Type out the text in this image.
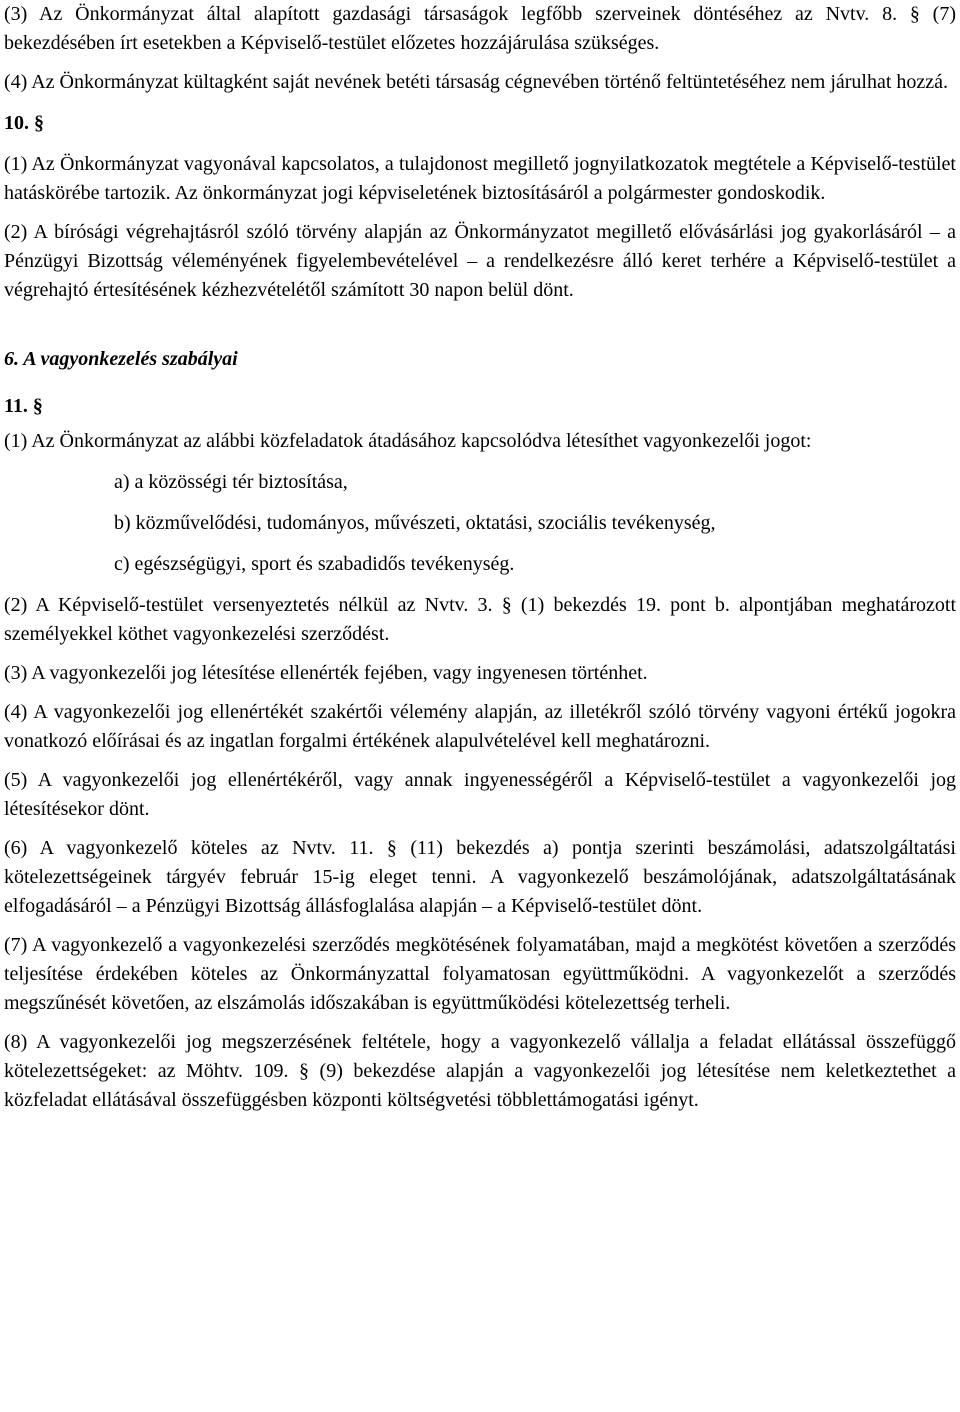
(3) Az Önkormányzat által alapított gazdasági társaságok legfőbb szerveinek döntéséhez az Nvtv. 8. § (7) bekezdésében írt esetekben a Képviselő-testület előzetes hozzájárulása szükséges.

(4) Az Önkormányzat kültagként saját nevének betéti társaság cégnevében történő feltüntetéséhez nem járulhat hozzá.

10. §

(1) Az Önkormányzat vagyonával kapcsolatos, a tulajdonost megillető jognyilatkozatok megtétele a Képviselő-testület hatáskörébe tartozik. Az önkormányzat jogi képviseletének biztosításáról a polgármester gondoskodik.

(2) A bírósági végrehajtásról szóló törvény alapján az Önkormányzatot megillető elővásárlási jog gyakorlásáról – a Pénzügyi Bizottság véleményének figyelembevételével – a rendelkezésre álló keret terhére a Képviselő-testület a végrehajtó értesítésének kézhezvételétől számított 30 napon belül dönt.

6. A vagyonkezelés szabályai

11. §

(1) Az Önkormányzat az alábbi közfeladatok átadásához kapcsolódva létesíthet vagyonkezelői jogot:

a) a közösségi tér biztosítása,

b) közművelődési, tudományos, művészeti, oktatási, szociális tevékenység,

c) egészségügyi, sport és szabadidős tevékenység.

(2) A Képviselő-testület versenyeztetés nélkül az Nvtv. 3. § (1) bekezdés 19. pont b. alpontjában meghatározott személyekkel köthet vagyonkezelési szerződést.

(3) A vagyonkezelői jog létesítése ellenérték fejében, vagy ingyenesen történhet.

(4) A vagyonkezelői jog ellenértékét szakértői vélemény alapján, az illetékről szóló törvény vagyoni értékű jogokra vonatkozó előírásai és az ingatlan forgalmi értékének alapulvételével kell meghatározni.

(5) A vagyonkezelői jog ellenértékéről, vagy annak ingyenességéről a Képviselő-testület a vagyonkezelői jog létesítésekor dönt.

(6) A vagyonkezelő köteles az Nvtv. 11. § (11) bekezdés a) pontja szerinti beszámolási, adatszolgáltatási kötelezettségeinek tárgyév február 15-ig eleget tenni. A vagyonkezelő beszámolójának, adatszolgáltatásának elfogadásáról – a Pénzügyi Bizottság állásfoglalása alapján – a Képviselő-testület dönt.

(7) A vagyonkezelő a vagyonkezelési szerződés megkötésének folyamatában, majd a megkötést követően a szerződés teljesítése érdekében köteles az Önkormányzattal folyamatosan együttműködni. A vagyonkezelőt a szerződés megszűnését követően, az elszámolás időszakában is együttműködési kötelezettség terheli.

(8) A vagyonkezelői jog megszerzésének feltétele, hogy a vagyonkezelő vállalja a feladat ellátással összefüggő kötelezettségeket: az Möhtv. 109. § (9) bekezdése alapján a vagyonkezelői jog létesítése nem keletkeztethet a közfeladat ellátásával összefüggésben központi költségvetési többlettámogatási igényt.
